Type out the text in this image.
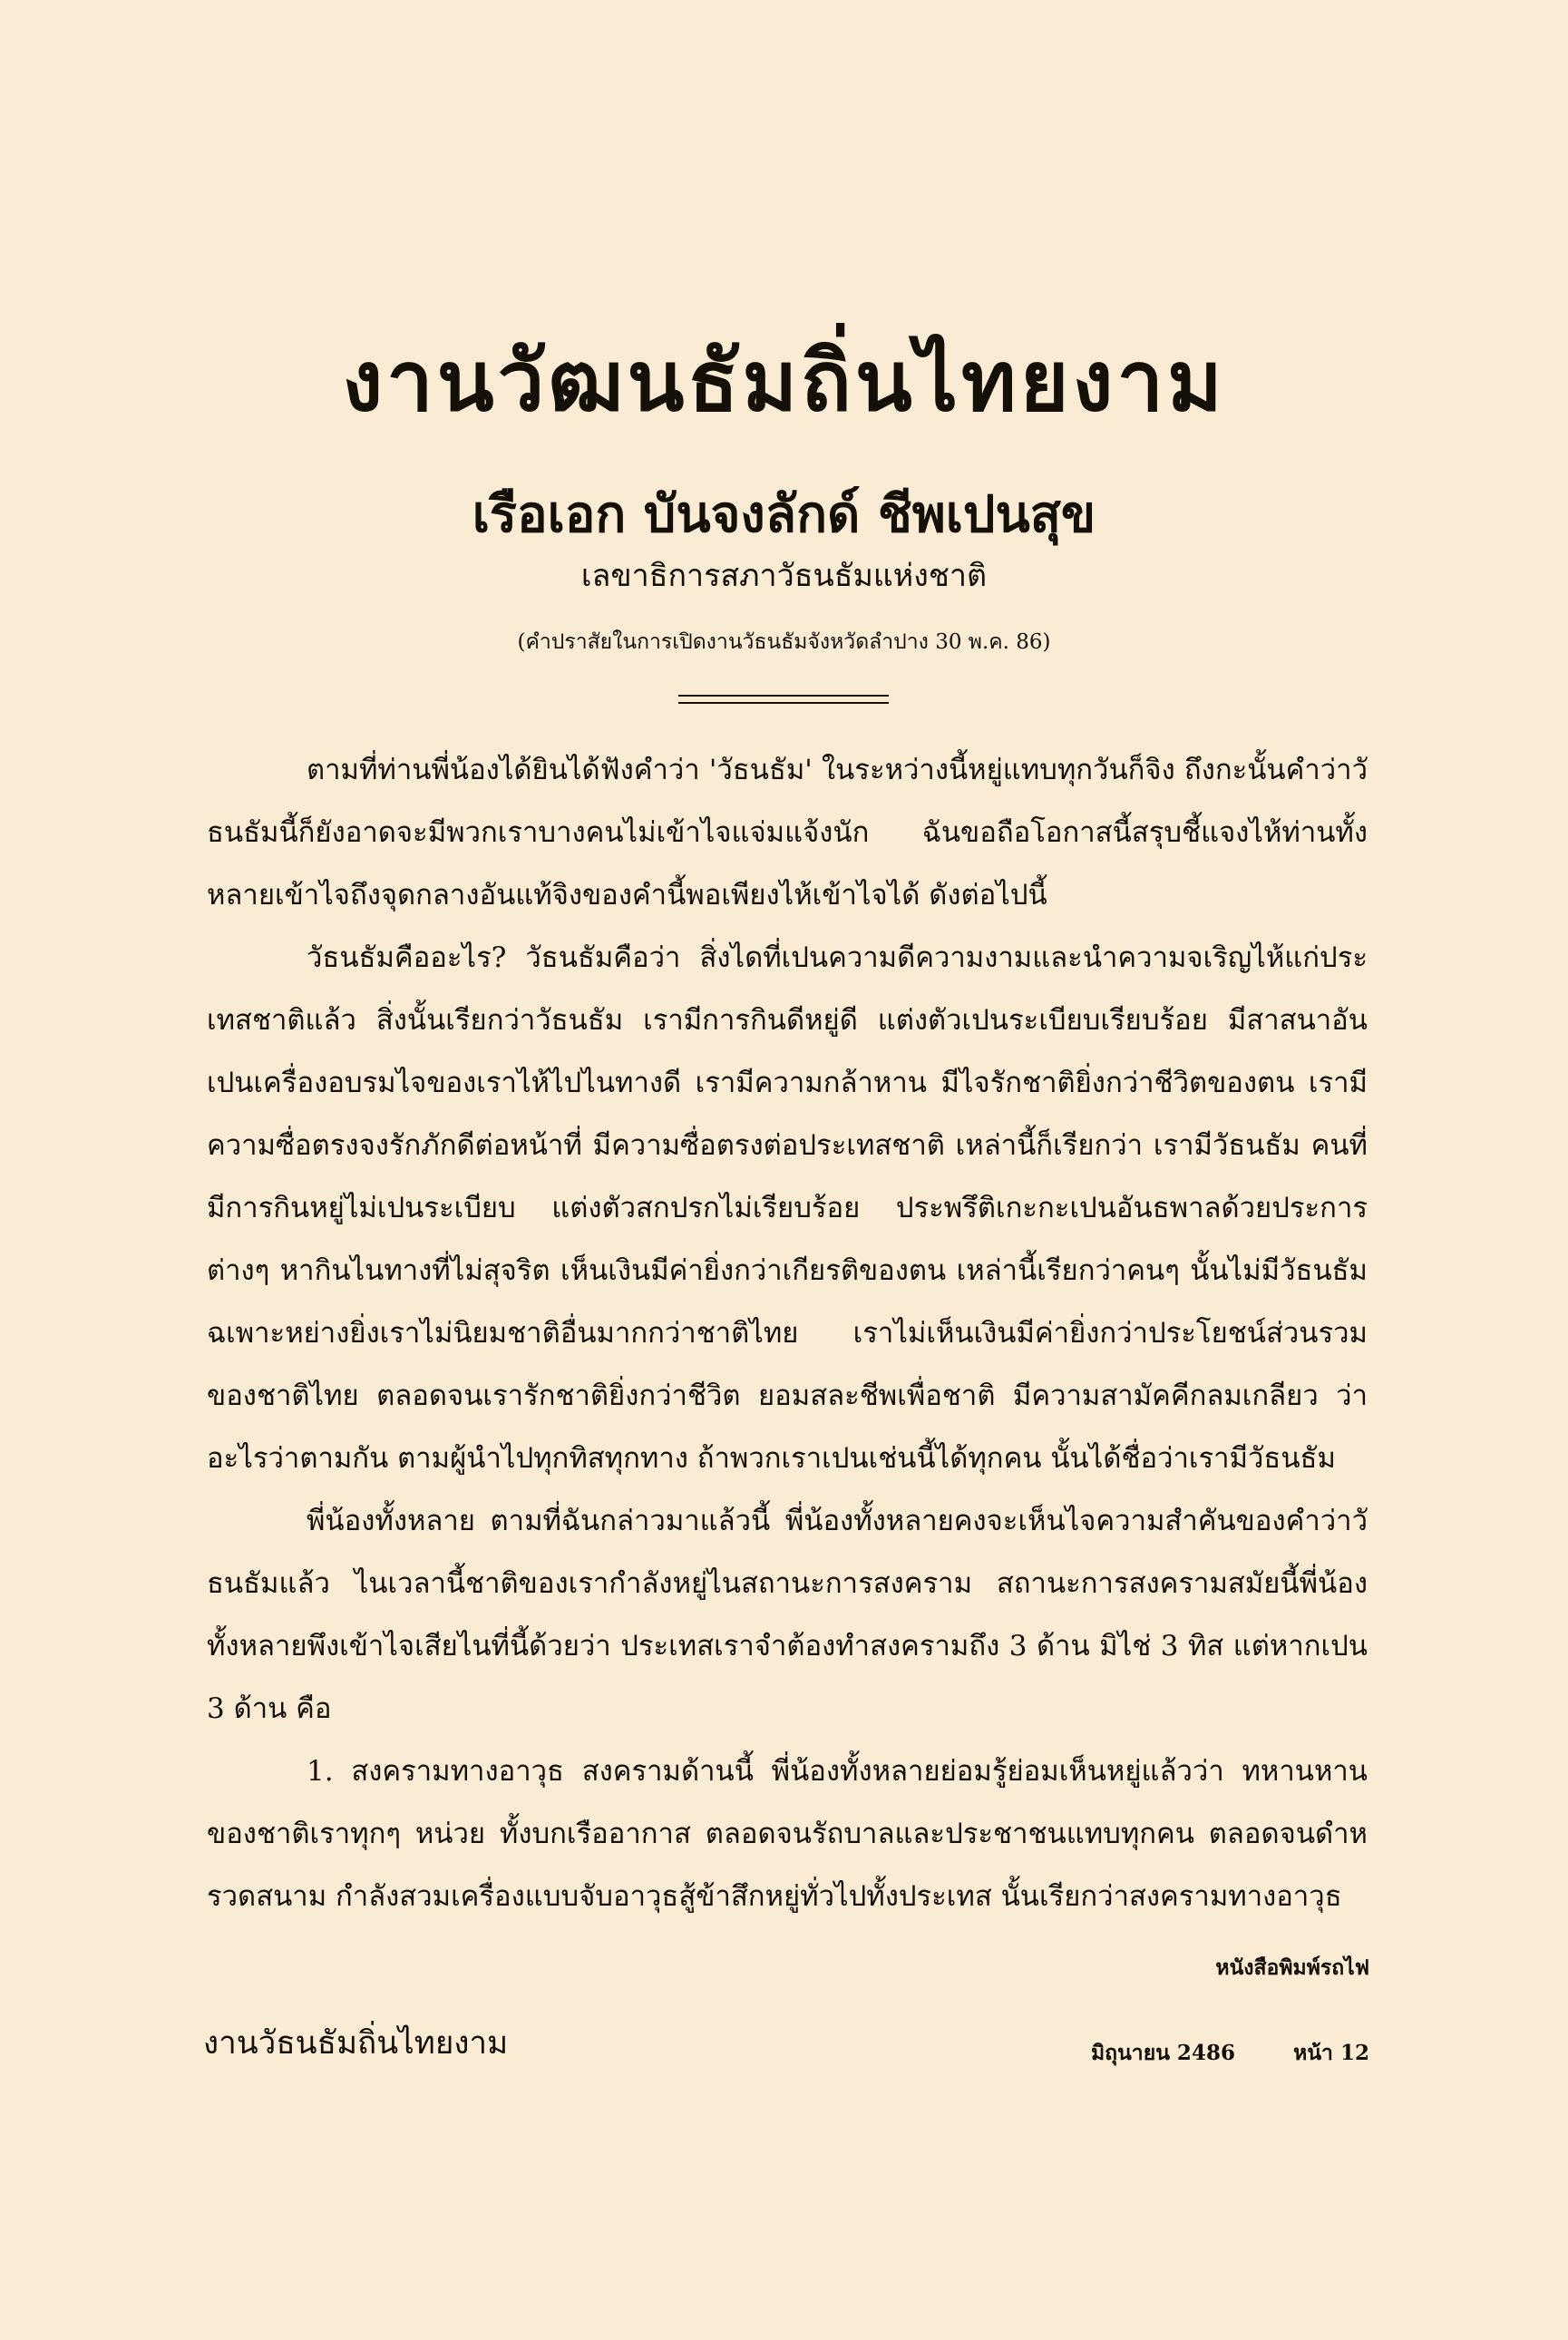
งานวัฒนธัมถิ่นไทยงาม
เรือเอก บันจงลักด์ ชีพเปนสุข
เลขาธิการสภาวัธนธัมแห่งชาติ
(คำปราสัยในการเปิดงานวัธนธัมจังหวัดลำปาง 30 พ.ค. 86)

ตามที่ท่านพี่น้องได้ยินได้ฟังคำว่า 'วัธนธัม' ในระหว่างนี้หยู่แทบทุกวันก็จิง ถึงกะนั้นคำว่าวัธนธัมนี้ก็ยังอาดจะมีพวกเราบางคนไม่เข้าไจแจ่มแจ้งนัก ฉันขอถือโอกาสนี้สรุบชี้แจงไห้ท่านทั้งหลายเข้าไจถึงจุดกลางอันแท้จิงของคำนี้พอเพียงไห้เข้าไจได้ ดังต่อไปนี้

วัธนธัมคืออะไร? วัธนธัมคือว่า สิ่งไดที่เปนความดีความงามและนำความจเริญไห้แก่ประเทสชาติแล้ว สิ่งนั้นเรียกว่าวัธนธัม เรามีการกินดีหยู่ดี แต่งตัวเปนระเบียบเรียบร้อย มีสาสนาอันเปนเครื่องอบรมไจของเราไห้ไปไนทางดี เรามีความกล้าหาน มีไจรักชาติยิ่งกว่าชีวิตของตน เรามีความซื่อตรงจงรักภักดีต่อหน้าที่ มีความซื่อตรงต่อประเทสชาติ เหล่านี้ก็เรียกว่า เรามีวัธนธัม คนที่มีการกินหยู่ไม่เปนระเบียบ แต่งตัวสกปรกไม่เรียบร้อย ประพรึติเกะกะเปนอันธพาลด้วยประการต่างๆ หากินไนทางที่ไม่สุจริต เห็นเงินมีค่ายิ่งกว่าเกียรติของตน เหล่านี้เรียกว่าคนๆ นั้นไม่มีวัธนธัม ฉเพาะหย่างยิ่งเราไม่นิยมชาติอื่นมากกว่าชาติไทย เราไม่เห็นเงินมีค่ายิ่งกว่าประโยชน์ส่วนรวมของชาติไทย ตลอดจนเรารักชาติยิ่งกว่าชีวิต ยอมสละชีพเพื่อชาติ มีความสามัคคีกลมเกลียว ว่าอะไรว่าตามกัน ตามผู้นำไปทุกทิสทุกทาง ถ้าพวกเราเปนเช่นนี้ได้ทุกคน นั้นได้ชื่อว่าเรามีวัธนธัม

พี่น้องทั้งหลาย ตามที่ฉันกล่าวมาแล้วนี้ พี่น้องทั้งหลายคงจะเห็นไจความสำคันของคำว่าวัธนธัมแล้ว ไนเวลานี้ชาติของเรากำลังหยู่ไนสถานะการสงคราม สถานะการสงครามสมัยนี้พี่น้องทั้งหลายพึงเข้าไจเสียไนที่นี้ด้วยว่า ประเทสเราจำต้องทำสงครามถึง 3 ด้าน มิไช่ 3 ทิส แต่หากเปน 3 ด้าน คือ

1. สงครามทางอาวุธ สงครามด้านนี้ พี่น้องทั้งหลายย่อมรู้ย่อมเห็นหยู่แล้วว่า ทหานหานของชาติเราทุกๆ หน่วย ทั้งบกเรืออากาส ตลอดจนรัถบาลและประชาชนแทบทุกคน ตลอดจนดำหรวดสนาม กำลังสวมเครื่องแบบจับอาวุธสู้ข้าสึกหยู่ทั่วไปทั้งประเทส นั้นเรียกว่าสงครามทางอาวุธ

หนังสือพิมพ์รถไฟ
งานวัธนธัมถิ่นไทยงาม	มิถุนายน 2486	หน้า 12
